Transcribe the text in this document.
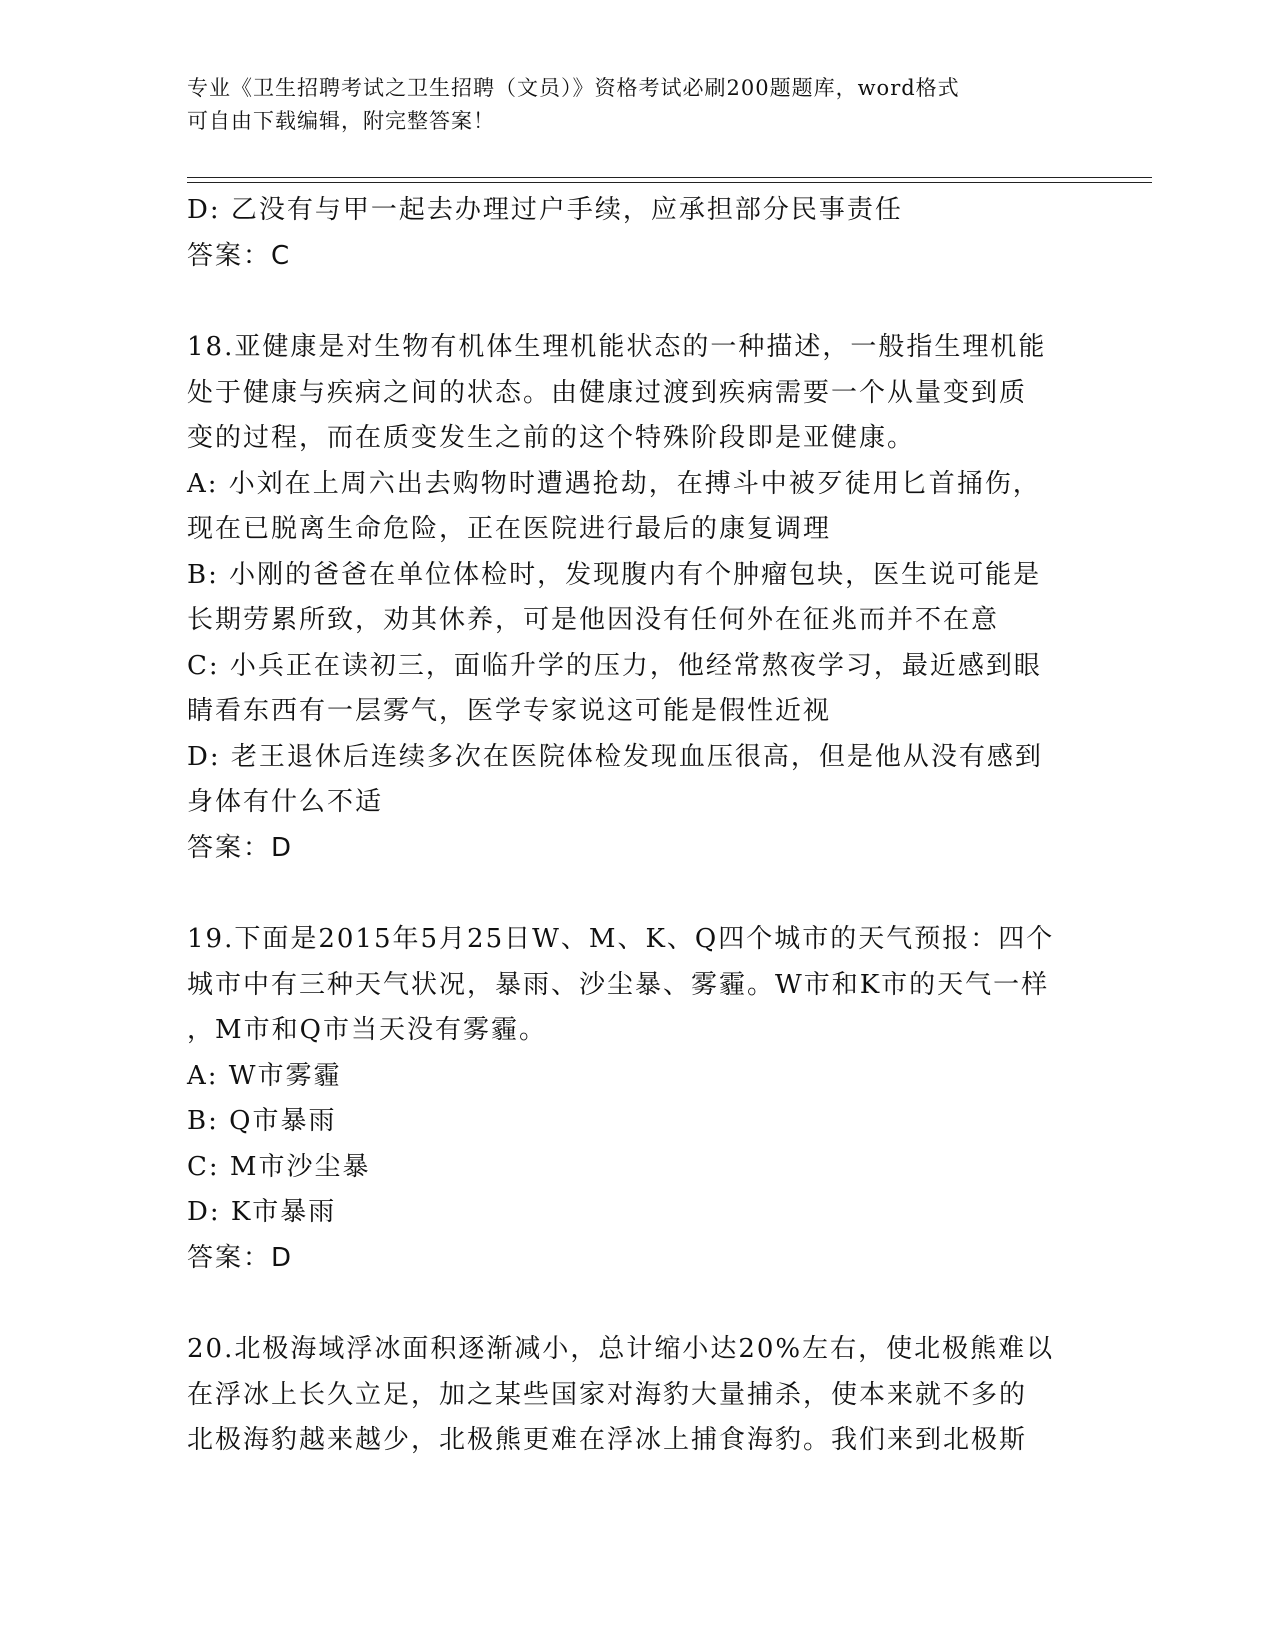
专业《卫生招聘考试之卫生招聘（文员）》资格考试必刷200题题库，word格式
可自由下载编辑，附完整答案！
D: 乙没有与甲一起去办理过户手续，应承担部分民事责任
答案：C
18.亚健康是对生物有机体生理机能状态的一种描述，一般指生理机能
处于健康与疾病之间的状态。由健康过渡到疾病需要一个从量变到质
变的过程，而在质变发生之前的这个特殊阶段即是亚健康。
A: 小刘在上周六出去购物时遭遇抢劫，在搏斗中被歹徒用匕首捅伤，
现在已脱离生命危险，正在医院进行最后的康复调理
B: 小刚的爸爸在单位体检时，发现腹内有个肿瘤包块，医生说可能是
长期劳累所致，劝其休养，可是他因没有任何外在征兆而并不在意
C: 小兵正在读初三，面临升学的压力，他经常熬夜学习，最近感到眼
睛看东西有一层雾气，医学专家说这可能是假性近视
D: 老王退休后连续多次在医院体检发现血压很高，但是他从没有感到
身体有什么不适
答案：D
19.下面是2015年5月25日W、M、K、Q四个城市的天气预报：四个
城市中有三种天气状况，暴雨、沙尘暴、雾霾。W市和K市的天气一样
，M市和Q市当天没有雾霾。
A: W市雾霾
B: Q市暴雨
C: M市沙尘暴
D: K市暴雨
答案：D
20.北极海域浮冰面积逐渐减小，总计缩小达20%左右，使北极熊难以
在浮冰上长久立足，加之某些国家对海豹大量捕杀，使本来就不多的
北极海豹越来越少，北极熊更难在浮冰上捕食海豹。我们来到北极斯
